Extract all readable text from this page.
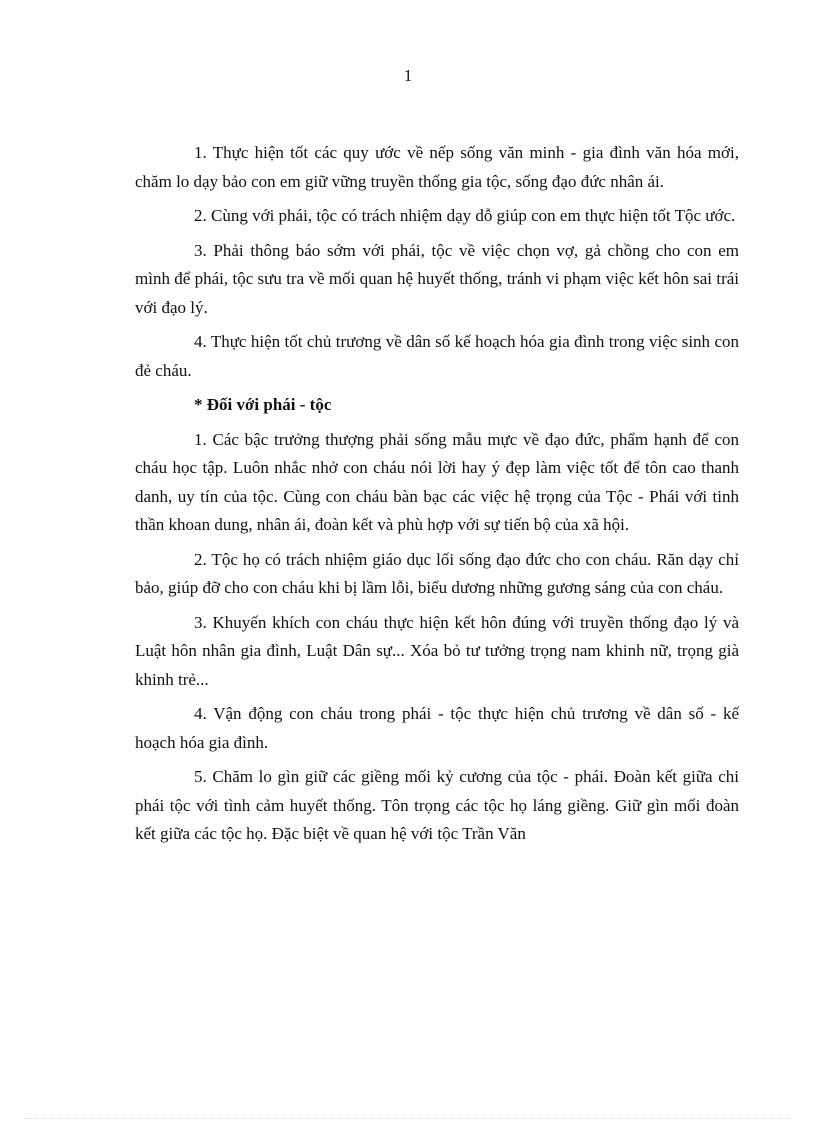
1

1. Thực hiện tốt các quy ước về nếp sống văn minh - gia đình văn hóa mới, chăm lo dạy bảo con em giữ vững truyền thống gia tộc, sống đạo đức nhân ái.

2. Cùng với phái, tộc có trách nhiệm dạy dỗ giúp con em thực hiện tốt Tộc ước.

3. Phải thông báo sớm với phái, tộc về việc chọn vợ, gả chồng cho con em mình để phái, tộc sưu tra về mối quan hệ huyết thống, tránh vi phạm việc kết hôn sai trái với đạo lý.

4. Thực hiện tốt chủ trương về dân số kế hoạch hóa gia đình trong việc sinh con đẻ cháu.

* Đối với phái - tộc

1. Các bậc trưởng thượng phải sống mẫu mực về đạo đức, phẩm hạnh để con cháu học tập. Luôn nhắc nhở con cháu nói lời hay ý đẹp làm việc tốt để tôn cao thanh danh, uy tín của tộc. Cùng con cháu bàn bạc các việc hệ trọng của Tộc - Phái với tinh thần khoan dung, nhân ái, đoàn kết và phù hợp với sự tiến bộ của xã hội.

2. Tộc họ có trách nhiệm giáo dục lối sống đạo đức cho con cháu. Răn dạy chỉ bảo, giúp đỡ cho con cháu khi bị lầm lỗi, biểu dương những gương sáng của con cháu.

3. Khuyến khích con cháu thực hiện kết hôn đúng với truyền thống đạo lý và Luật hôn nhân gia đình, Luật Dân sự... Xóa bỏ tư tưởng trọng nam khinh nữ, trọng già khinh trẻ...

4. Vận động con cháu trong phái - tộc thực hiện chủ trương về dân số - kế hoạch hóa gia đình.

5. Chăm lo gìn giữ các giềng mối kỷ cương của tộc - phái. Đoàn kết giữa chi phái tộc với tình cảm huyết thống. Tôn trọng các tộc họ láng giềng. Giữ gìn mối đoàn kết giữa các tộc họ. Đặc biệt về quan hệ với tộc Trần Văn
